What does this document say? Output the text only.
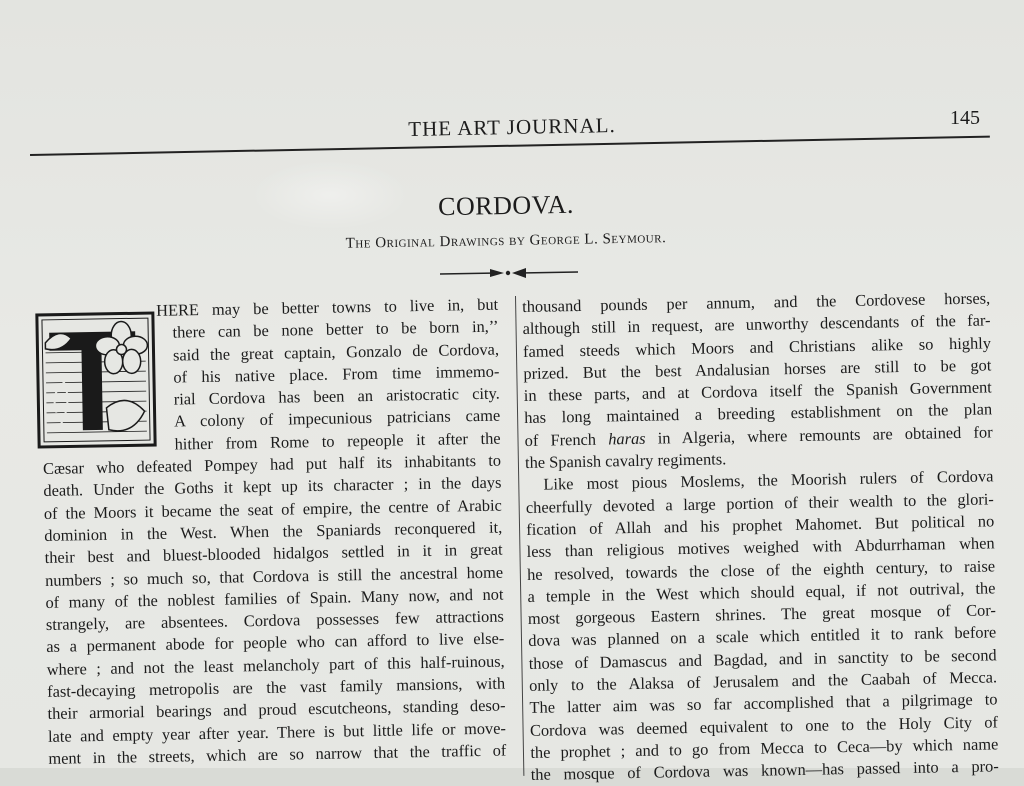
THE ART JOURNAL.	145
CORDOVA.
The Original Drawings by George L. Seymour.
HERE may be better towns to live in, but
there can be none better to be born in,’’
said the great captain, Gonzalo de Cordova,
of his native place. From time immemo-
rial Cordova has been an aristocratic city.
A colony of impecunious patricians came
hither from Rome to repeople it after the
Cæsar who defeated Pompey had put half its inhabitants to
death. Under the Goths it kept up its character ; in the days
of the Moors it became the seat of empire, the centre of Arabic
dominion in the West. When the Spaniards reconquered it,
their best and bluest-blooded hidalgos settled in it in great
numbers ; so much so, that Cordova is still the ancestral home
of many of the noblest families of Spain. Many now, and not
strangely, are absentees. Cordova possesses few attractions
as a permanent abode for people who can afford to live else-
where ; and not the least melancholy part of this half-ruinous,
fast-decaying metropolis are the vast family mansions, with
their armorial bearings and proud escutcheons, standing deso-
late and empty year after year. There is but little life or move-
ment in the streets, which are so narrow that the traffic of
thousand pounds per annum, and the Cordovese horses,
although still in request, are unworthy descendants of the far-
famed steeds which Moors and Christians alike so highly
prized. But the best Andalusian horses are still to be got
in these parts, and at Cordova itself the Spanish Government
has long maintained a breeding establishment on the plan
of French haras in Algeria, where remounts are obtained for
the Spanish cavalry regiments.
Like most pious Moslems, the Moorish rulers of Cordova
cheerfully devoted a large portion of their wealth to the glori-
fication of Allah and his prophet Mahomet. But political no
less than religious motives weighed with Abdurrhaman when
he resolved, towards the close of the eighth century, to raise
a temple in the West which should equal, if not outrival, the
most gorgeous Eastern shrines. The great mosque of Cor-
dova was planned on a scale which entitled it to rank before
those of Damascus and Bagdad, and in sanctity to be second
only to the Alaksa of Jerusalem and the Caabah of Mecca.
The latter aim was so far accomplished that a pilgrimage to
Cordova was deemed equivalent to one to the Holy City of
the prophet ; and to go from Mecca to Ceca—by which name
the mosque of Cordova was known—has passed into a pro-
